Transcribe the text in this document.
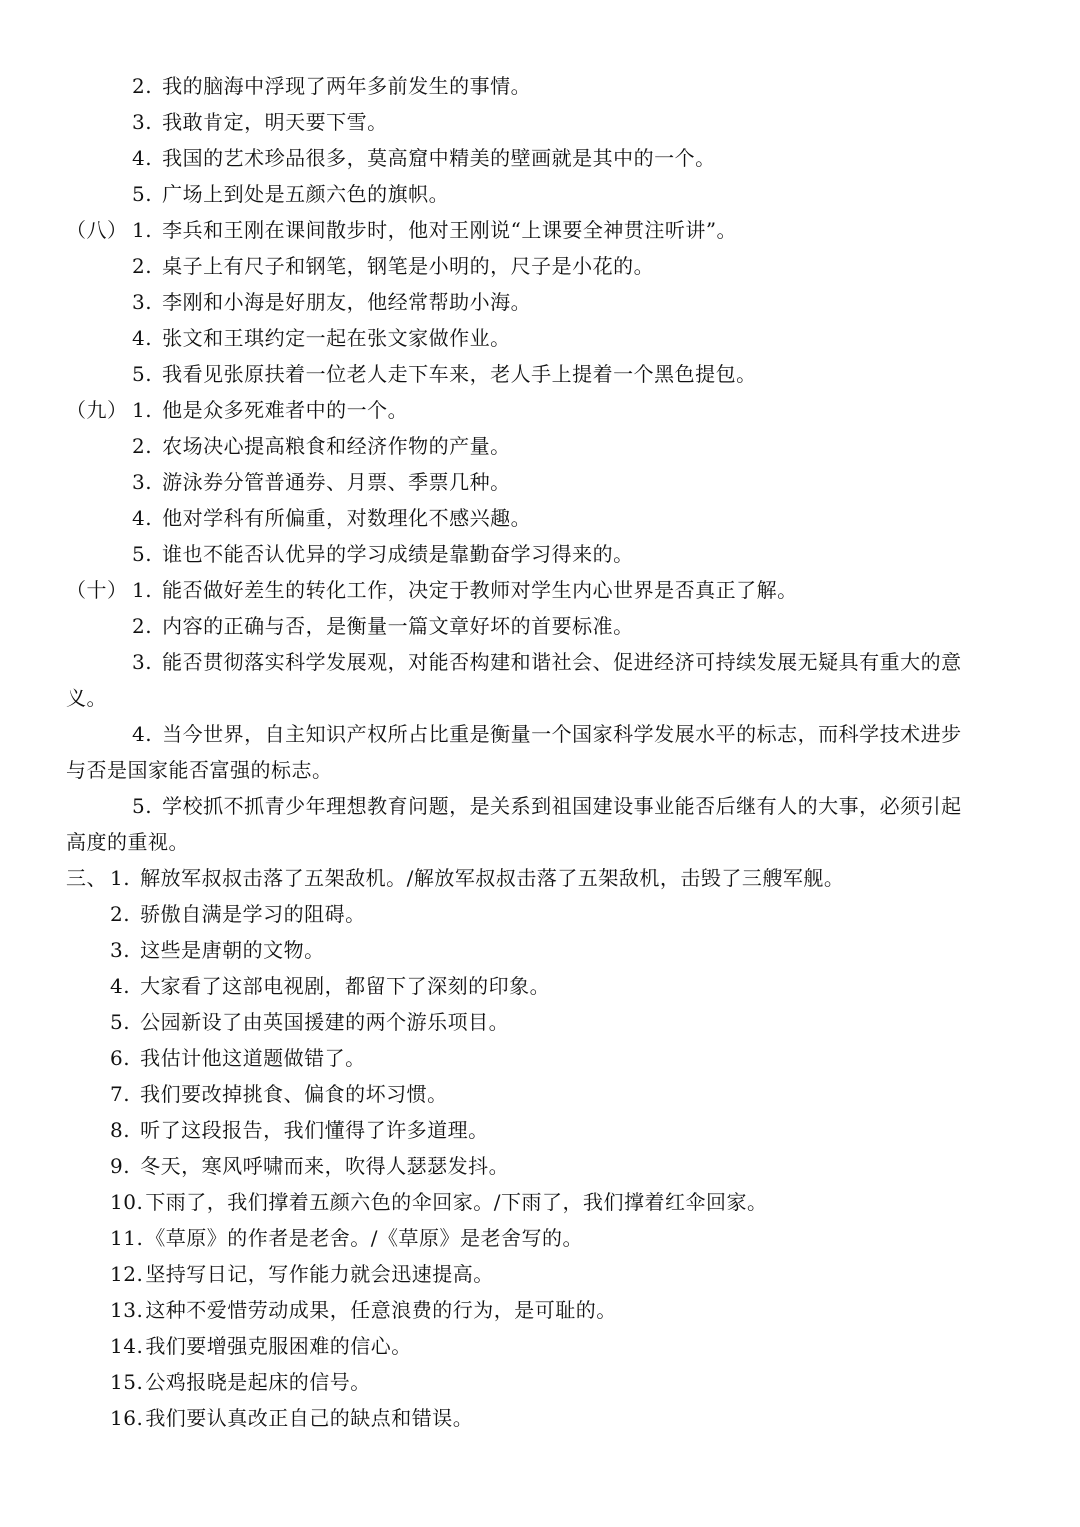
2. 我的脑海中浮现了两年多前发生的事情。

3. 我敢肯定，明天要下雪。

4. 我国的艺术珍品很多，莫高窟中精美的壁画就是其中的一个。

5. 广场上到处是五颜六色的旗帜。

（八） 1. 李兵和王刚在课间散步时，他对王刚说“上课要全神贯注听讲”。

2. 桌子上有尺子和钢笔，钢笔是小明的，尺子是小花的。

3. 李刚和小海是好朋友，他经常帮助小海。

4. 张文和王琪约定一起在张文家做作业。

5. 我看见张原扶着一位老人走下车来，老人手上提着一个黑色提包。

（九） 1. 他是众多死难者中的一个。

2. 农场决心提高粮食和经济作物的产量。

3. 游泳券分管普通券、月票、季票几种。

4. 他对学科有所偏重，对数理化不感兴趣。

5. 谁也不能否认优异的学习成绩是靠勤奋学习得来的。

（十） 1. 能否做好差生的转化工作，决定于教师对学生内心世界是否真正了解。

2. 内容的正确与否，是衡量一篇文章好坏的首要标准。

3. 能否贯彻落实科学发展观，对能否构建和谐社会、促进经济可持续发展无疑具有重大的意

义。

4. 当今世界，自主知识产权所占比重是衡量一个国家科学发展水平的标志，而科学技术进步

与否是国家能否富强的标志。

5. 学校抓不抓青少年理想教育问题，是关系到祖国建设事业能否后继有人的大事，必须引起

高度的重视。

三、 1. 解放军叔叔击落了五架敌机。/解放军叔叔击落了五架敌机，击毁了三艘军舰。

2. 骄傲自满是学习的阻碍。

3. 这些是唐朝的文物。

4. 大家看了这部电视剧，都留下了深刻的印象。

5. 公园新设了由英国援建的两个游乐项目。

6. 我估计他这道题做错了。

7. 我们要改掉挑食、偏食的坏习惯。

8. 听了这段报告，我们懂得了许多道理。

9. 冬天，寒风呼啸而来，吹得人瑟瑟发抖。

10. 下雨了，我们撑着五颜六色的伞回家。/下雨了，我们撑着红伞回家。

11. 《草原》的作者是老舍。/《草原》是老舍写的。

12. 坚持写日记，写作能力就会迅速提高。

13. 这种不爱惜劳动成果，任意浪费的行为，是可耻的。

14. 我们要增强克服困难的信心。

15. 公鸡报晓是起床的信号。

16. 我们要认真改正自己的缺点和错误。
